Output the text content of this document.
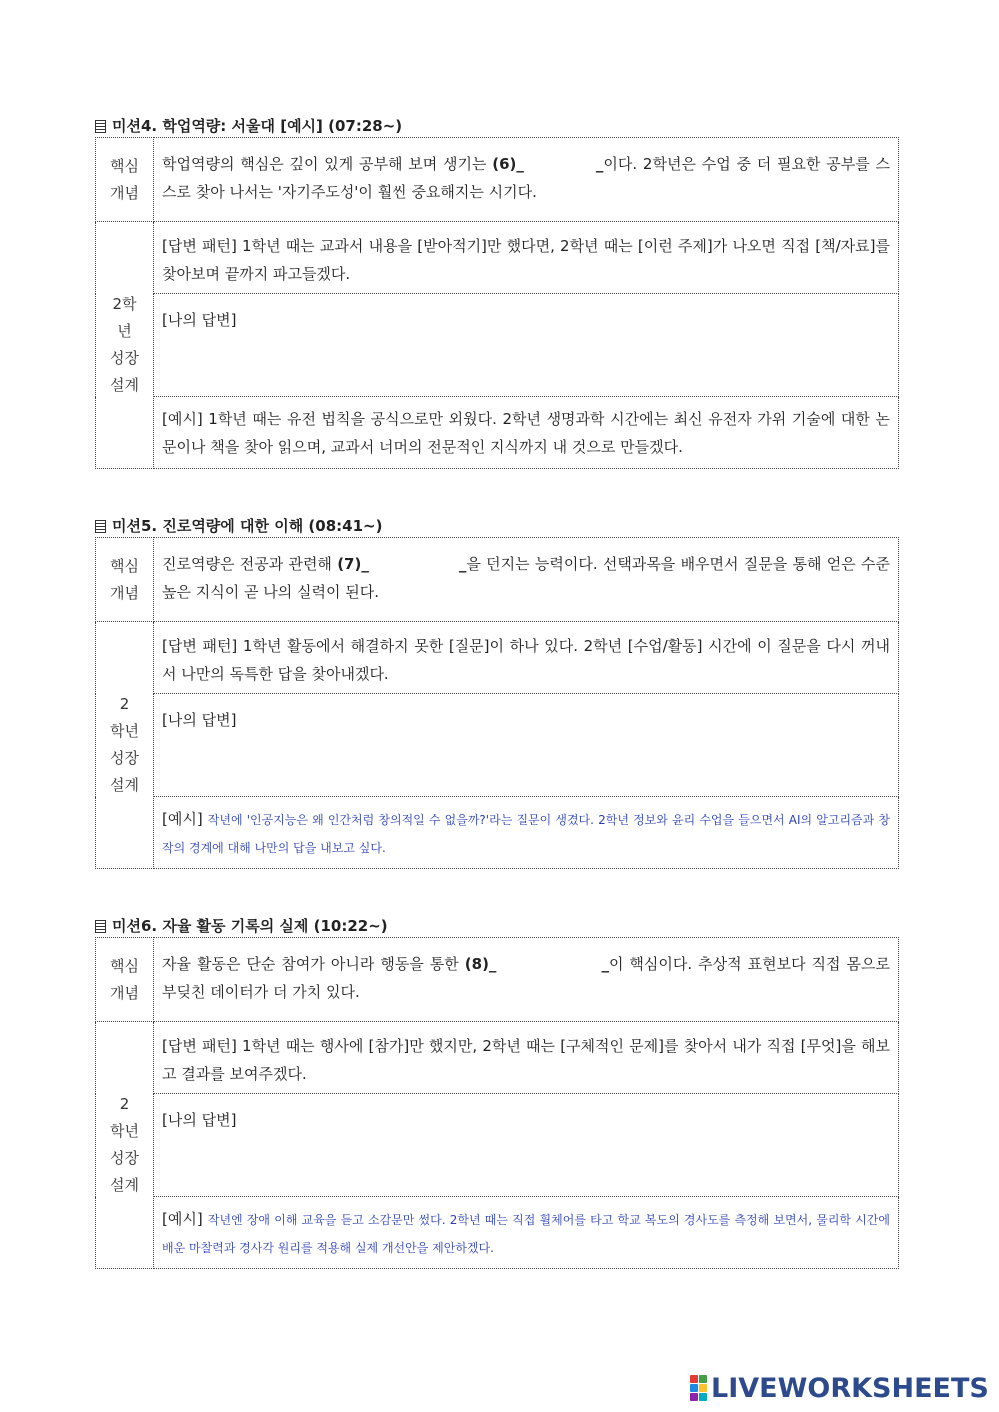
미션4. 학업역량: 서울대 [예시] (07:28~)
핵심
개념	학업역량의 핵심은 깊이 있게 공부해 보며 생기는 (6)_ _이다. 2학년은 수업 중 더 필요한 공부를 스스로 찾아 나서는 '자기주도성'이 훨씬 중요해지는 시기다.
2학
년
성장
설계	[답변 패턴] 1학년 때는 교과서 내용을 [받아적기]만 했다면, 2학년 때는 [이런 주제]가 나오면 직접 [책/자료]를 찾아보며 끝까지 파고들겠다.
	[나의 답변]
	[예시] 1학년 때는 유전 법칙을 공식으로만 외웠다. 2학년 생명과학 시간에는 최신 유전자 가위 기술에 대한 논문이나 책을 찾아 읽으며, 교과서 너머의 전문적인 지식까지 내 것으로 만들겠다.
미션5. 진로역량에 대한 이해 (08:41~)
핵심
개념	진로역량은 전공과 관련해 (7)_ _을 던지는 능력이다. 선택과목을 배우면서 질문을 통해 얻은 수준 높은 지식이 곧 나의 실력이 된다.
2
학년
성장
설계	[답변 패턴] 1학년 활동에서 해결하지 못한 [질문]이 하나 있다. 2학년 [수업/활동] 시간에 이 질문을 다시 꺼내서 나만의 독특한 답을 찾아내겠다.
	[나의 답변]
	[예시] 작년에 '인공지능은 왜 인간처럼 창의적일 수 없을까?'라는 질문이 생겼다. 2학년 정보와 윤리 수업을 들으면서 AI의 알고리즘과 창작의 경계에 대해 나만의 답을 내보고 싶다.
미션6. 자율 활동 기록의 실제 (10:22~)
핵심
개념	자율 활동은 단순 참여가 아니라 행동을 통한 (8)_ _이 핵심이다. 추상적 표현보다 직접 몸으로 부딪친 데이터가 더 가치 있다.
2
학년
성장
설계	[답변 패턴] 1학년 때는 행사에 [참가]만 했지만, 2학년 때는 [구체적인 문제]를 찾아서 내가 직접 [무엇]을 해보고 결과를 보여주겠다.
	[나의 답변]
	[예시] 작년엔 장애 이해 교육을 듣고 소감문만 썼다. 2학년 때는 직접 휠체어를 타고 학교 복도의 경사도를 측정해 보면서, 물리학 시간에 배운 마찰력과 경사각 원리를 적용해 실제 개선안을 제안하겠다.
LIVEWORKSHEETS
